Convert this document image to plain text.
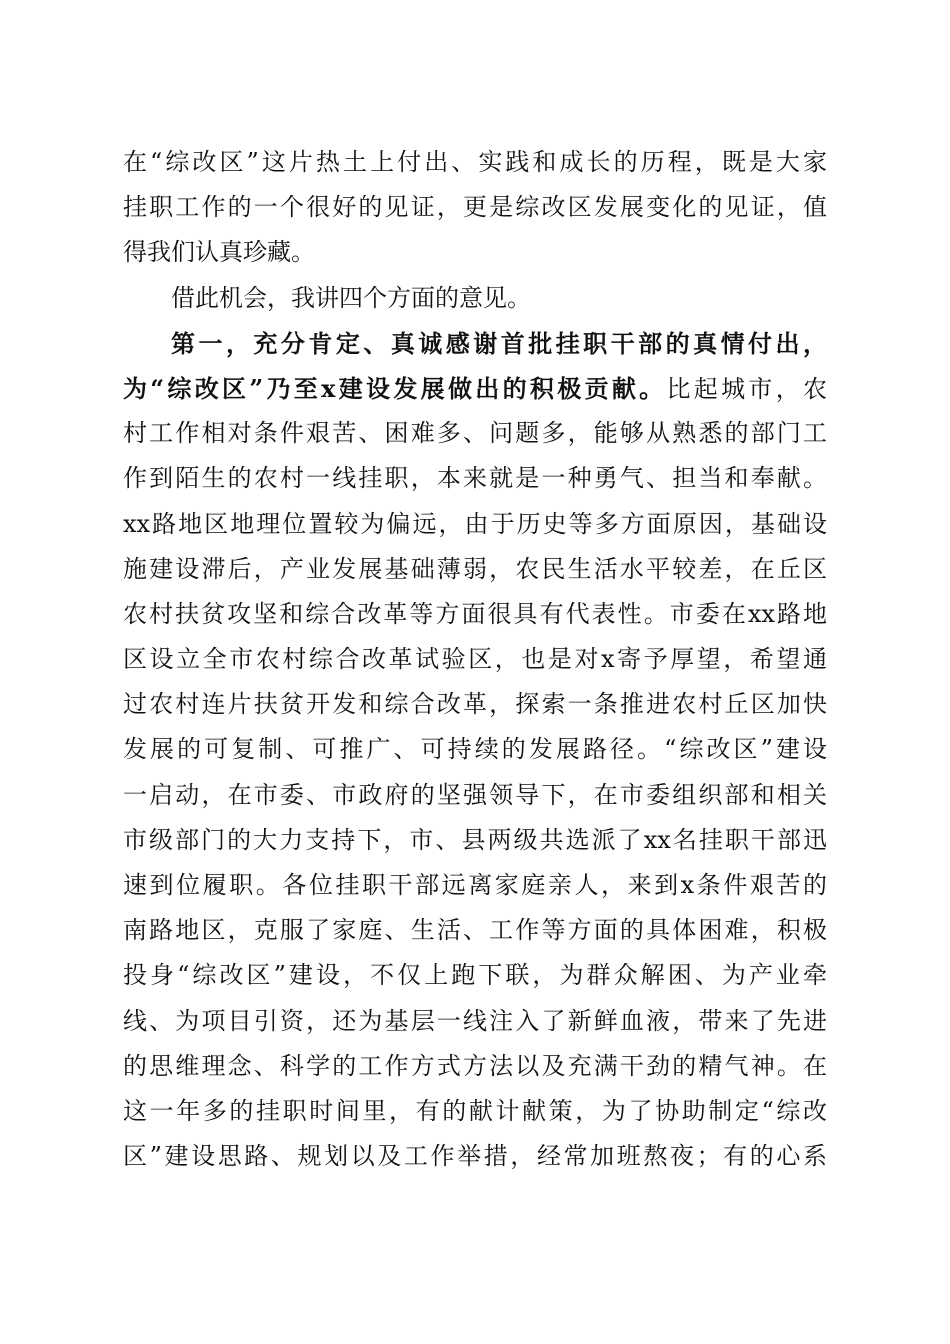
在“综改区”这片热土上付出、实践和成长的历程，既是大家
挂职工作的一个很好的见证，更是综改区发展变化的见证，值
得我们认真珍藏。
借此机会，我讲四个方面的意见。
第一，充分肯定、真诚感谢首批挂职干部的真情付出，
为“综改区”乃至x建设发展做出的积极贡献。比起城市，农
村工作相对条件艰苦、困难多、问题多，能够从熟悉的部门工
作到陌生的农村一线挂职，本来就是一种勇气、担当和奉献。
xx路地区地理位置较为偏远，由于历史等多方面原因，基础设
施建设滞后，产业发展基础薄弱，农民生活水平较差，在丘区
农村扶贫攻坚和综合改革等方面很具有代表性。市委在xx路地
区设立全市农村综合改革试验区，也是对x寄予厚望，希望通
过农村连片扶贫开发和综合改革，探索一条推进农村丘区加快
发展的可复制、可推广、可持续的发展路径。“综改区”建设
一启动，在市委、市政府的坚强领导下，在市委组织部和相关
市级部门的大力支持下，市、县两级共选派了xx名挂职干部迅
速到位履职。各位挂职干部远离家庭亲人，来到x条件艰苦的
南路地区，克服了家庭、生活、工作等方面的具体困难，积极
投身“综改区”建设，不仅上跑下联，为群众解困、为产业牵
线、为项目引资，还为基层一线注入了新鲜血液，带来了先进
的思维理念、科学的工作方式方法以及充满干劲的精气神。在
这一年多的挂职时间里，有的献计献策，为了协助制定“综改
区”建设思路、规划以及工作举措，经常加班熬夜；有的心系
